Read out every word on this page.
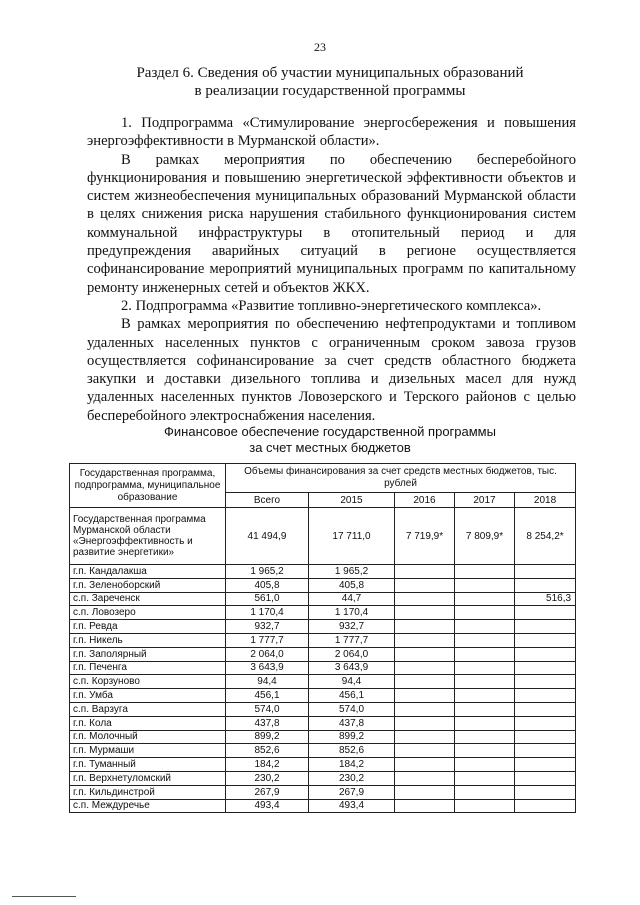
23
Раздел 6. Сведения об участии муниципальных образований
в реализации государственной программы

1. Подпрограмма «Стимулирование энергосбережения и повышения энергоэффективности в Мурманской области».

В рамках мероприятия по обеспечению бесперебойного функционирования и повышению энергетической эффективности объектов и систем жизнеобеспечения муниципальных образований Мурманской области в целях снижения риска нарушения стабильного функционирования систем коммунальной инфраструктуры в отопительный период и для предупреждения аварийных ситуаций в регионе осуществляется софинансирование мероприятий муниципальных программ по капитальному ремонту инженерных сетей и объектов ЖКХ.

2. Подпрограмма «Развитие топливно-энергетического комплекса».

В рамках мероприятия по обеспечению нефтепродуктами и топливом удаленных населенных пунктов с ограниченным сроком завоза грузов осуществляется софинансирование за счет средств областного бюджета закупки и доставки дизельного топлива и дизельных масел для нужд удаленных населенных пунктов Ловозерского и Терского районов с целью бесперебойного электроснабжения населения.

Финансовое обеспечение государственной программы
за счет местных бюджетов
Государственная программа, подпрограмма, муниципальное образование	Объемы финансирования за счет средств местных бюджетов, тыс. рублей				
	Всего	2015	2016	2017	2018
Государственная программа Мурманской области «Энергоэффективность и развитие энергетики»	41 494,9	17 711,0	7 719,9*	7 809,9*	8 254,2*
г.п. Кандалакша	1 965,2	1 965,2			
г.п. Зеленоборский	405,8	405,8			
с.п. Зареченск	561,0	44,7			516,3
с.п. Ловозеро	1 170,4	1 170,4			
г.п. Ревда	932,7	932,7			
г.п. Никель	1 777,7	1 777,7			
г.п. Заполярный	2 064,0	2 064,0			
г.п. Печенга	3 643,9	3 643,9			
с.п. Корзуново	94,4	94,4			
г.п. Умба	456,1	456,1			
с.п. Варзуга	574,0	574,0			
г.п. Кола	437,8	437,8			
г.п. Молочный	899,2	899,2			
г.п. Мурмаши	852,6	852,6			
г.п. Туманный	184,2	184,2			
г.п. Верхнетуломский	230,2	230,2			
г.п. Кильдинстрой	267,9	267,9			
с.п. Междуречье	493,4	493,4			
